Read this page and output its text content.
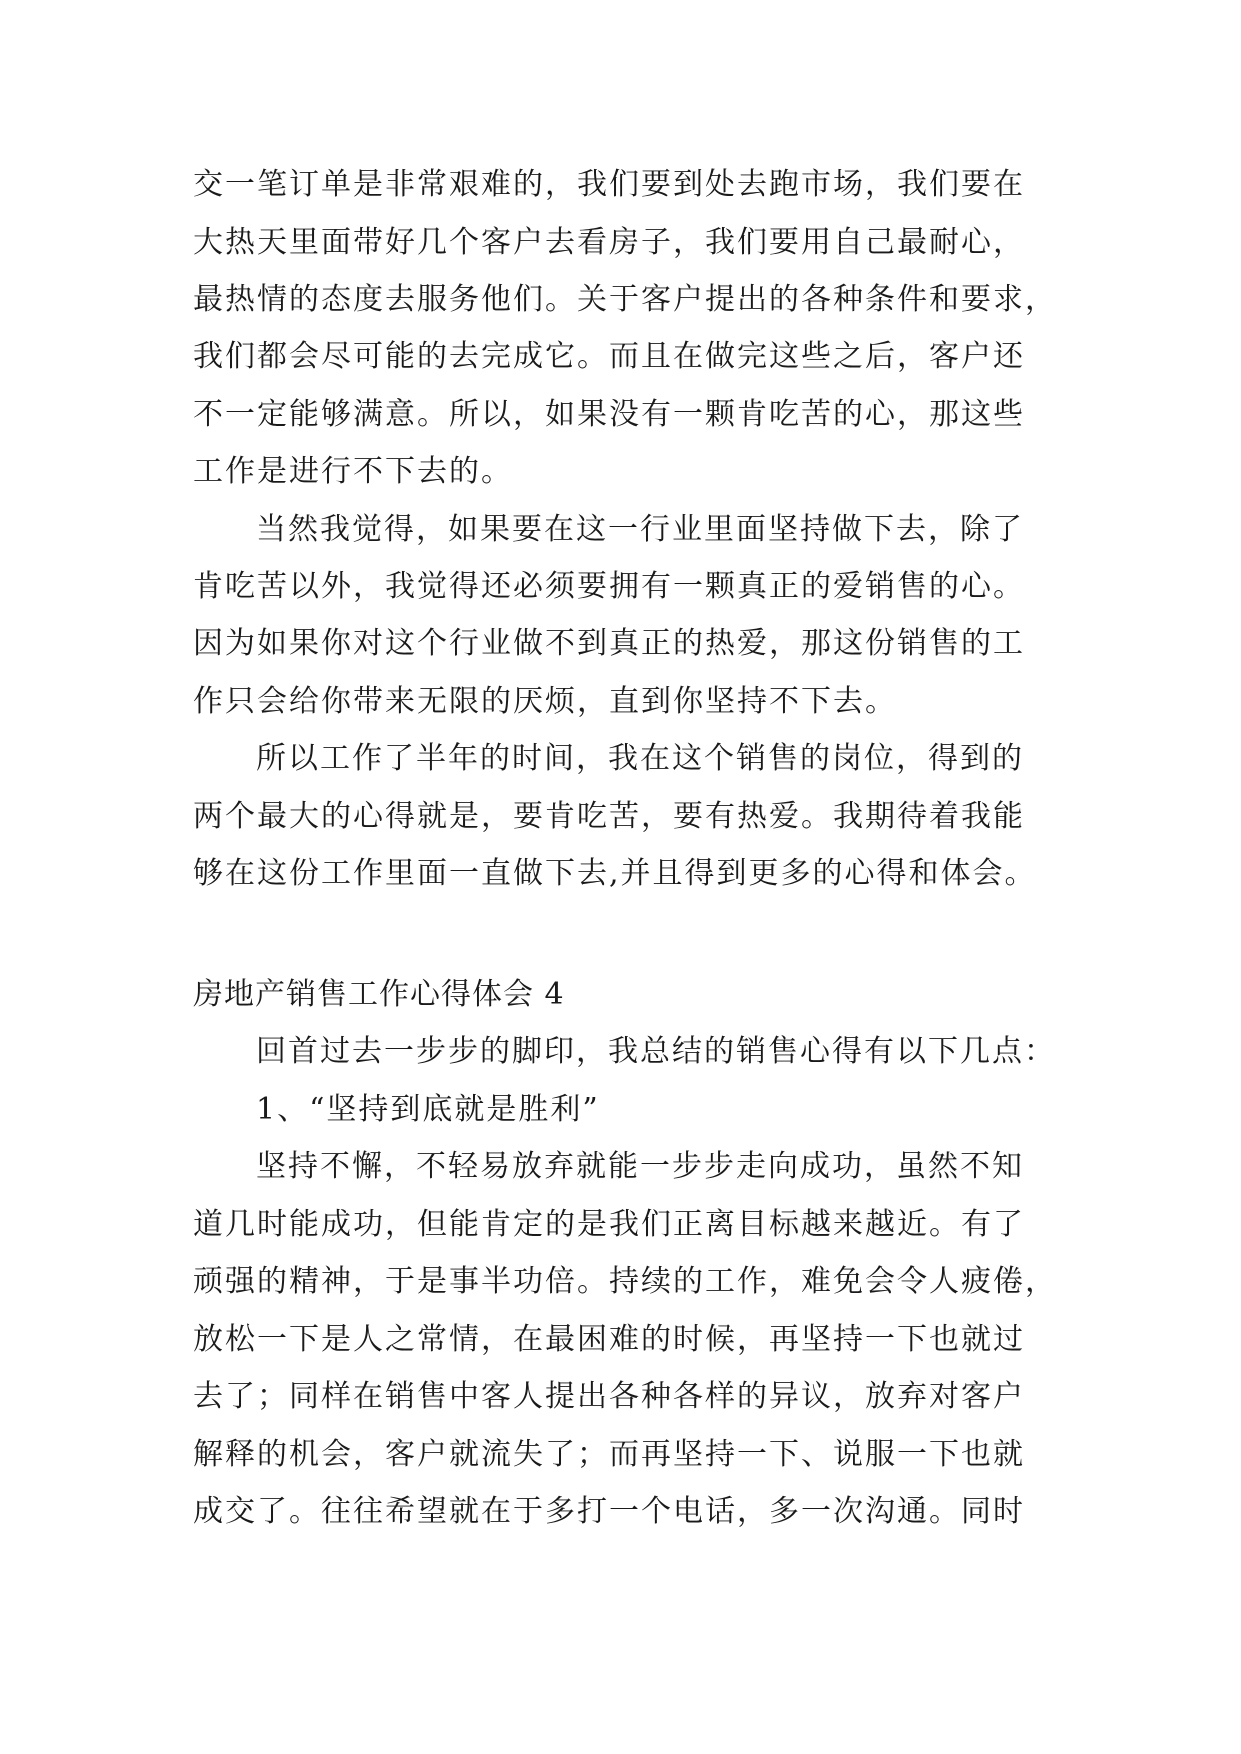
交一笔订单是非常艰难的，我们要到处去跑市场，我们要在
大热天里面带好几个客户去看房子，我们要用自己最耐心，
最热情的态度去服务他们。关于客户提出的各种条件和要求，
我们都会尽可能的去完成它。而且在做完这些之后，客户还
不一定能够满意。所以，如果没有一颗肯吃苦的心，那这些
工作是进行不下去的。
当然我觉得，如果要在这一行业里面坚持做下去，除了
肯吃苦以外，我觉得还必须要拥有一颗真正的爱销售的心。
因为如果你对这个行业做不到真正的热爱，那这份销售的工
作只会给你带来无限的厌烦，直到你坚持不下去。
所以工作了半年的时间，我在这个销售的岗位，得到的
两个最大的心得就是，要肯吃苦，要有热爱。我期待着我能
够在这份工作里面一直做下去,并且得到更多的心得和体会。
房地产销售工作心得体会 4
回首过去一步步的脚印，我总结的销售心得有以下几点：
1、“坚持到底就是胜利”
坚持不懈，不轻易放弃就能一步步走向成功，虽然不知
道几时能成功，但能肯定的是我们正离目标越来越近。有了
顽强的精神，于是事半功倍。持续的工作，难免会令人疲倦，
放松一下是人之常情，在最困难的时候，再坚持一下也就过
去了；同样在销售中客人提出各种各样的异议，放弃对客户
解释的机会，客户就流失了；而再坚持一下、说服一下也就
成交了。往往希望就在于多打一个电话，多一次沟通。同时
